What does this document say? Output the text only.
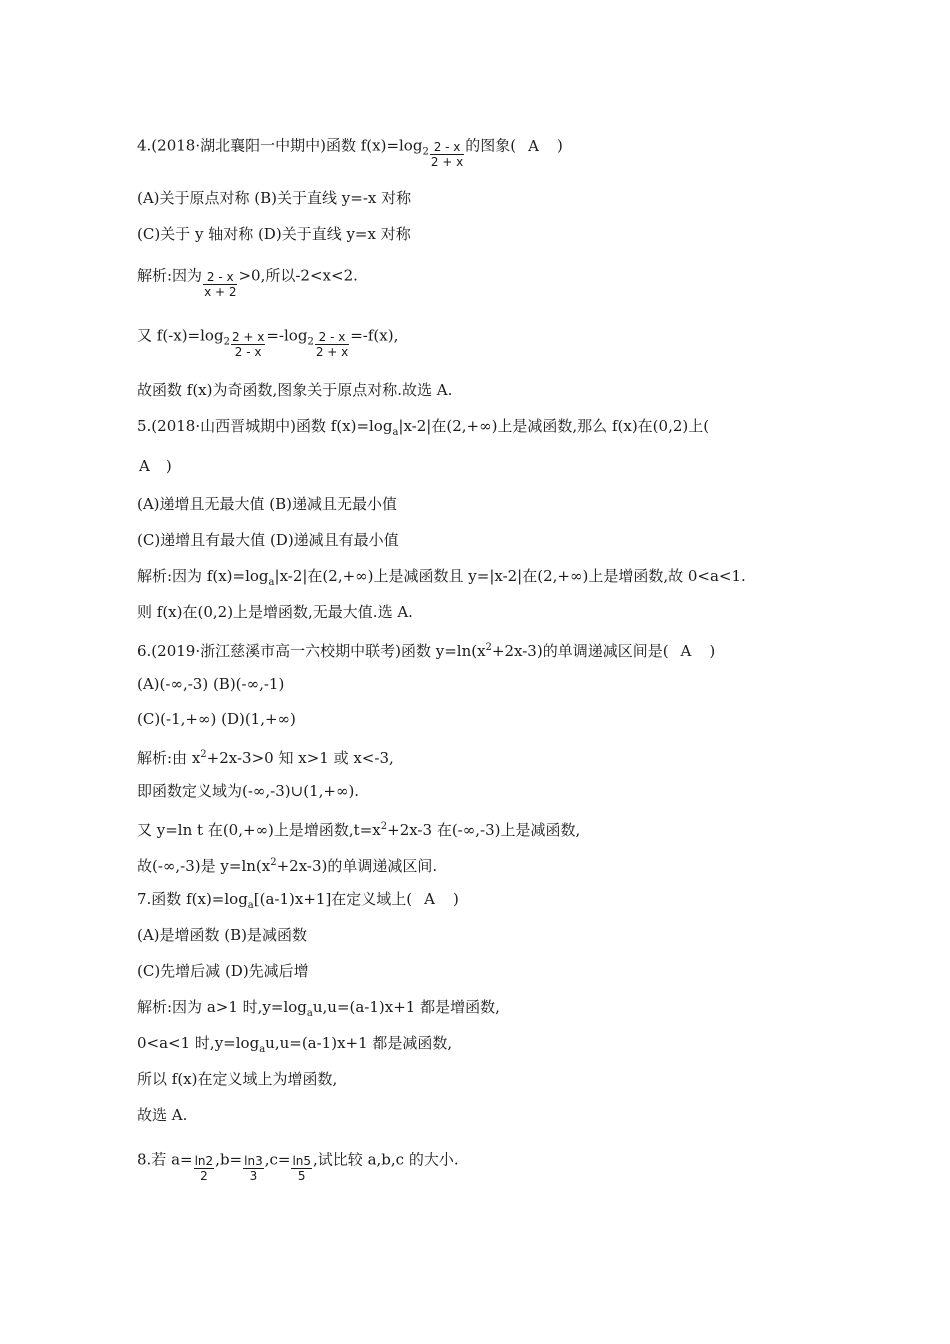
4.(2018·湖北襄阳一中期中)函数 $f(x)=\log_2 \frac{2 - x}{2 + x}$ 的图象( A )
(A)关于原点对称 (B)关于直线 y=-x 对称
(C)关于 y 轴对称 (D)关于直线 y=x 对称
解析:因为 $\frac{2 - x}{x + 2} >0$,所以-2<x<2.
又 $f(-x)=\log_2 \frac{2 + x}{2 - x} =-\log_2 \frac{2 - x}{2 + x} =-f(x)$,
故函数 f(x)为奇函数,图象关于原点对称.故选 A.
5.(2018·山西晋城期中)函数 $f(x)=\log_a|x-2|$在(2,+∞)上是减函数,那么 f(x)在(0,2)上(
A )
(A)递增且无最大值 (B)递减且无最小值
(C)递增且有最大值 (D)递减且有最小值
解析:因为 $f(x)=\log_a|x-2|$在(2,+∞)上是减函数且 y=|x-2|在(2,+∞)上是增函数,故 0<a<1.
则 f(x)在(0,2)上是增函数,无最大值.选 A.
6.(2019·浙江慈溪市高一六校期中联考)函数 $y=\ln(x^2+2x-3)$的单调递减区间是( A )
(A)(-∞,-3) (B)(-∞,-1)
(C)(-1,+∞) (D)(1,+∞)
解析:由 $x^2+2x-3>0$ 知 x>1 或 x<-3,
即函数定义域为(-∞,-3)∪(1,+∞).
又 y=ln t 在(0,+∞)上是增函数$,t=x^2+2x-3$ 在(-∞,-3)上是减函数,
故(-∞,-3)是 $y=\ln(x^2+2x-3)$的单调递减区间.
7.函数 $f(x)=\log_a[(a-1)x+1]$在定义域上( A )
(A)是增函数 (B)是减函数
(C)先增后减 (D)先减后增
解析:因为 a>1 时$,y=\log_au,u=(a-1)x+1$ 都是增函数,
0<a<1 时$,y=\log_au,u=(a-1)x+1$ 都是减函数,
所以 f(x)在定义域上为增函数,
故选 A.
8.若 $a= \frac{\ln 2}{2} ,b= \frac{\ln 3}{3} ,c= \frac{\ln 5}{5}$ ,试比较 a,b,c 的大小.
